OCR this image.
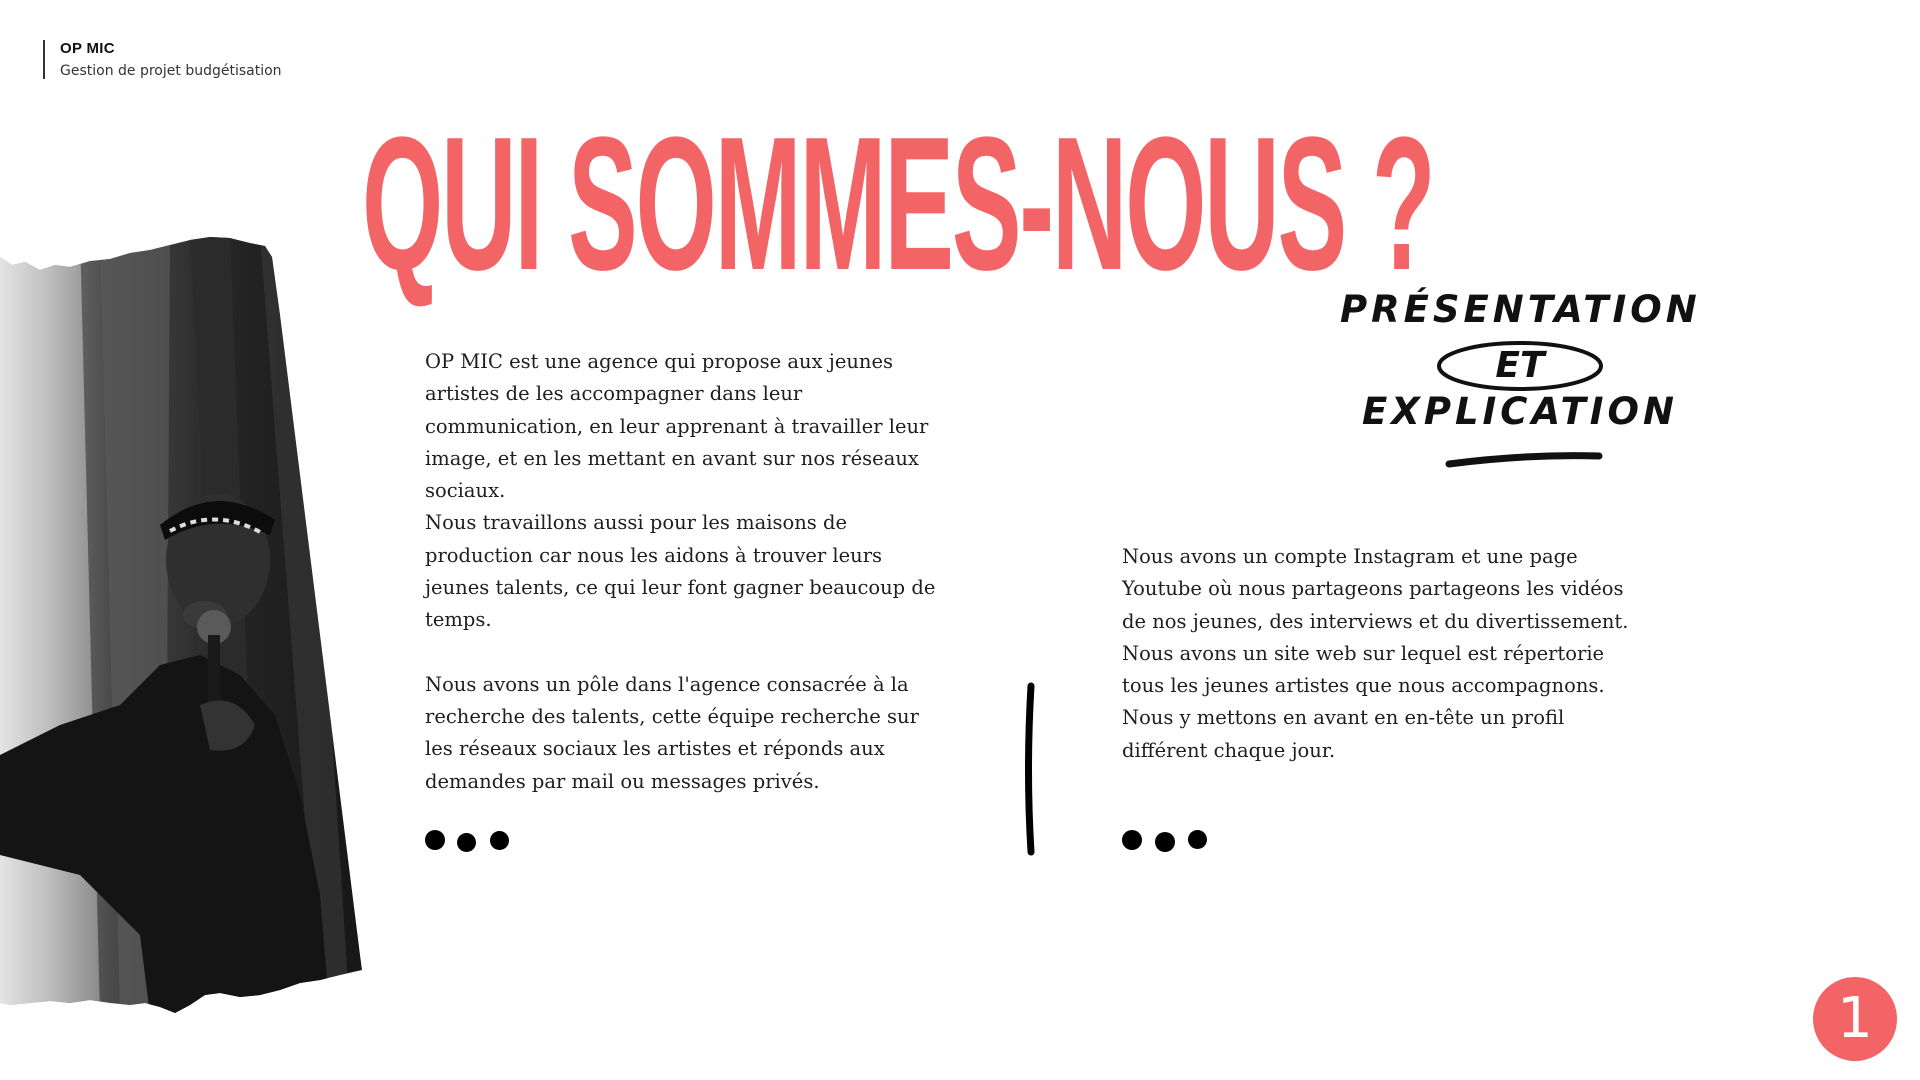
OP MIC
Gestion de projet budgétisation
QUI SOMMES-NOUS ?
PRÉSENTATION
ET
EXPLICATION

OP MIC est une agence qui propose aux jeunes artistes de les accompagner dans leur communication, en leur apprenant à travailler leur image, et en les mettant en avant sur nos réseaux sociaux.

Nous travaillons aussi pour les maisons de production car nous les aidons à trouver leurs jeunes talents, ce qui leur font gagner beaucoup de temps.

Nous avons un pôle dans l'agence consacrée à la recherche des talents, cette équipe recherche sur les réseaux sociaux les artistes et réponds aux demandes par mail ou messages privés.

Nous avons un compte Instagram et une page Youtube où nous partageons partageons les vidéos de nos jeunes, des interviews et du divertissement.

Nous avons un site web sur lequel est répertorie tous les jeunes artistes que nous accompagnons.

Nous y mettons en avant en en-tête un profil différent chaque jour.

1
